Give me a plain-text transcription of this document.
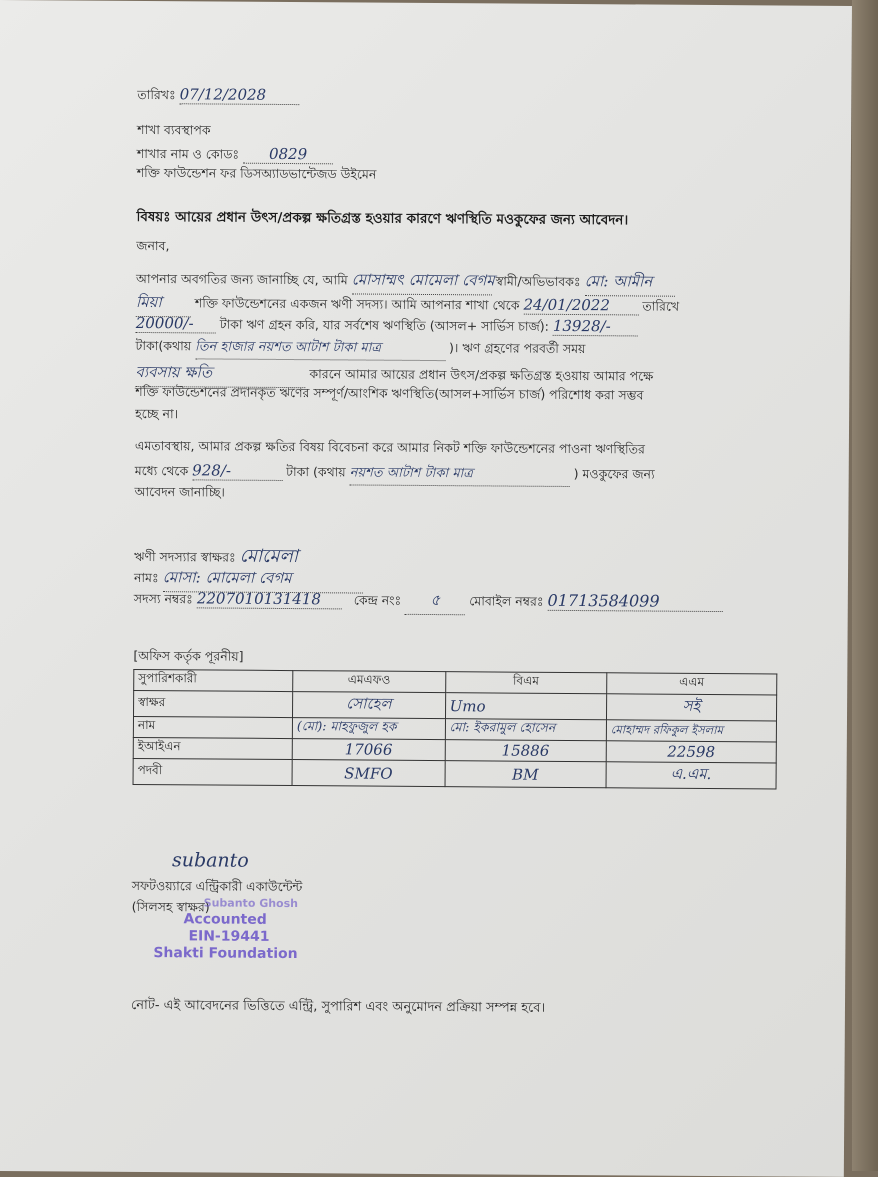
তারিখঃ 07/12/2028
শাখা ব্যবস্থাপক
শাখার নাম ও কোডঃ 0829
শক্তি ফাউন্ডেশন ফর ডিসঅ্যাডভান্টেজড উইমেন
বিষয়ঃ আয়ের প্রধান উৎস/প্রকল্প ক্ষতিগ্রস্ত হওয়ার কারণে ঋণস্থিতি মওকুফের জন্য আবেদন।
জনাব,
আপনার অবগতির জন্য জানাচ্ছি যে, আমি মোসাম্মৎ মোমেলা বেগম স্বামী/অভিভাবকঃ মো: আমীন
মিয়া	শক্তি ফাউন্ডেশনের একজন ঋণী সদস্য। আমি আপনার শাখা থেকে 24/01/2022	তারিখে
20000/- টাকা ঋণ গ্রহন করি, যার সর্বশেষ ঋণস্থিতি (আসল+ সার্ভিস চার্জ): 13928/-
টাকা(কথায় তিন হাজার নয়শত আটাশ টাকা মাত্র	)। ঋণ গ্রহণের পরবর্তী সময়
ব্যবসায় ক্ষতি	কারনে আমার আয়ের প্রধান উৎস/প্রকল্প ক্ষতিগ্রস্ত হওয়ায় আমার পক্ষে
শক্তি ফাউন্ডেশনের প্রদানকৃত ঋণের সম্পূর্ণ/আংশিক ঋণস্থিতি(আসল+সার্ভিস চার্জ) পরিশোধ করা সম্ভব
হচ্ছে না।
এমতাবস্থায়, আমার প্রকল্প ক্ষতির বিষয় বিবেচনা করে আমার নিকট শক্তি ফাউন্ডেশনের পাওনা ঋণস্থিতির
মধ্যে থেকে 928/-	টাকা (কথায় নয়শত আটাশ টাকা মাত্র	) মওকুফের জন্য
আবেদন জানাচ্ছি।
ঋণী সদস্যার স্বাক্ষরঃ মোমেলা
নামঃ মোসা: মোমেলা বেগম
সদস্য নম্বরঃ 2207010131418	কেন্দ্র নংঃ ৫ মোবাইল নম্বরঃ 01713584099
[অফিস কর্তৃক পূরনীয়]
সুপারিশকারী	এমএফও	বিএম	এএম
স্বাক্ষর	সোহেল	Umo	সই
নাম	(মো): মাহফুজুল হক	মো: ইকরামুল হোসেন	মোহাম্মদ রফিকুল ইসলাম
ইআইএন	17066	15886	22598
পদবী	SMFO	BM	এ.এম.
subanto
সফটওয়্যারে এন্ট্রিকারী একাউন্টেন্ট
(সিলসহ স্বাক্ষর)
Subanto Ghosh
Accounted
EIN-19441
Shakti Foundation
নোট- এই আবেদনের ভিত্তিতে এন্ট্রি, সুপারিশ এবং অনুমোদন প্রক্রিয়া সম্পন্ন হবে।
